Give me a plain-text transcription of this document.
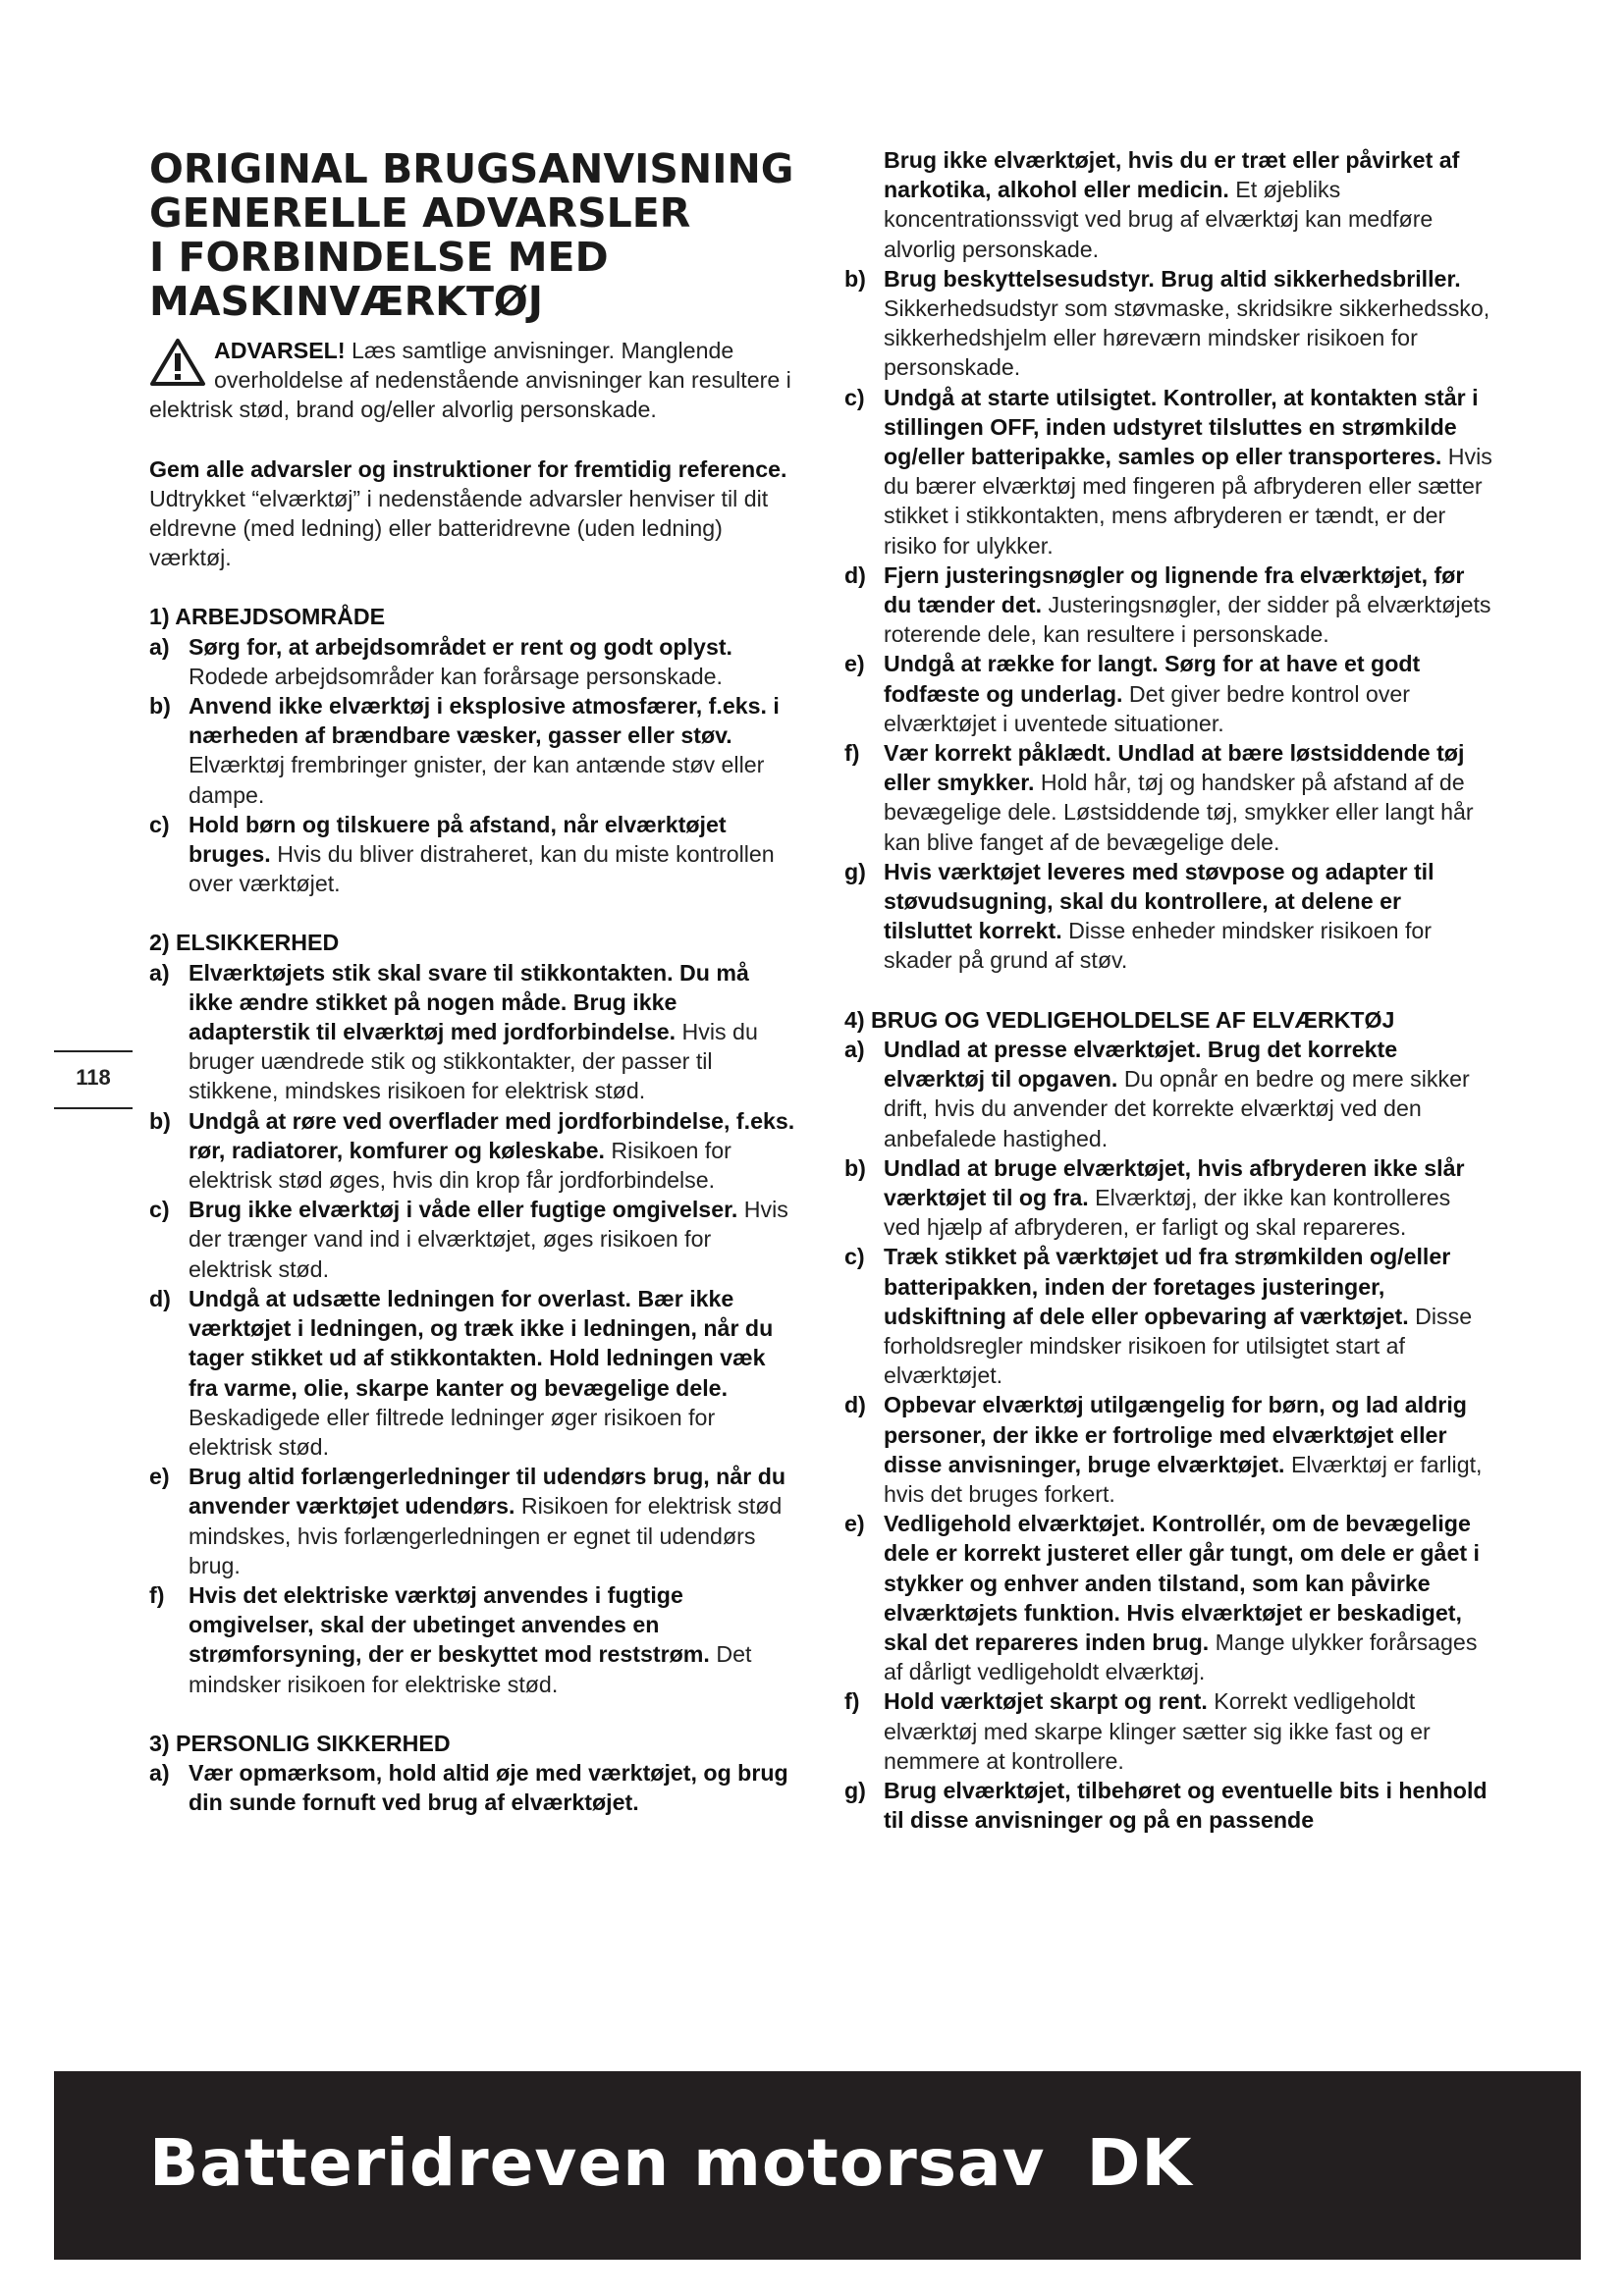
ORIGINAL BRUGSANVISNING
GENERELLE ADVARSLER
I FORBINDELSE MED
MASKINVÆRKTØJ

ADVARSEL! Læs samtlige anvisninger. Manglende overholdelse af nedenstående anvisninger kan resultere i elektrisk stød, brand og/eller alvorlig personskade.

Gem alle advarsler og instruktioner for fremtidig reference.

Udtrykket “elværktøj” i nedenstående advarsler henviser til dit eldrevne (med ledning) eller batteridrevne (uden ledning) værktøj.

1) ARBEJDSOMRÅDE

a) Sørg for, at arbejdsområdet er rent og godt oplyst. Rodede arbejdsområder kan forårsage personskade.
b) Anvend ikke elværktøj i eksplosive atmosfærer, f.eks. i nærheden af brændbare væsker, gasser eller støv. Elværktøj frembringer gnister, der kan antænde støv eller dampe.
c) Hold børn og tilskuere på afstand, når elværktøjet bruges. Hvis du bliver distraheret, kan du miste kontrollen over værktøjet.

2) ELSIKKERHED

a) Elværktøjets stik skal svare til stikkontakten. Du må ikke ændre stikket på nogen måde. Brug ikke adapterstik til elværktøj med jordforbindelse. Hvis du bruger uændrede stik og stikkontakter, der passer til stikkene, mindskes risikoen for elektrisk stød.
b) Undgå at røre ved overflader med jordforbindelse, f.eks. rør, radiatorer, komfurer og køleskabe. Risikoen for elektrisk stød øges, hvis din krop får jordforbindelse.
c) Brug ikke elværktøj i våde eller fugtige omgivelser. Hvis der trænger vand ind i elværktøjet, øges risikoen for elektrisk stød.
d) Undgå at udsætte ledningen for overlast. Bær ikke værktøjet i ledningen, og træk ikke i ledningen, når du tager stikket ud af stikkontakten. Hold ledningen væk fra varme, olie, skarpe kanter og bevægelige dele. Beskadigede eller filtrede ledninger øger risikoen for elektrisk stød.
e) Brug altid forlængerledninger til udendørs brug, når du anvender værktøjet udendørs. Risikoen for elektrisk stød mindskes, hvis forlængerledningen er egnet til udendørs brug.
f) Hvis det elektriske værktøj anvendes i fugtige omgivelser, skal der ubetinget anvendes en strømforsyning, der er beskyttet mod reststrøm. Det mindsker risikoen for elektriske stød.

3) PERSONLIG SIKKERHED

a) Vær opmærksom, hold altid øje med værktøjet, og brug din sunde fornuft ved brug af elværktøjet.
Brug ikke elværktøjet, hvis du er træt eller påvirket af narkotika, alkohol eller medicin. Et øjebliks koncentrationssvigt ved brug af elværktøj kan medføre alvorlig personskade.
b) Brug beskyttelsesudstyr. Brug altid sikkerhedsbriller. Sikkerhedsudstyr som støvmaske, skridsikre sikkerhedssko, sikkerhedshjelm eller høreværn mindsker risikoen for personskade.
c) Undgå at starte utilsigtet. Kontroller, at kontakten står i stillingen OFF, inden udstyret tilsluttes en strømkilde og/eller batteripakke, samles op eller transporteres. Hvis du bærer elværktøj med fingeren på afbryderen eller sætter stikket i stikkontakten, mens afbryderen er tændt, er der risiko for ulykker.
d) Fjern justeringsnøgler og lignende fra elværktøjet, før du tænder det. Justeringsnøgler, der sidder på elværktøjets roterende dele, kan resultere i personskade.
e) Undgå at række for langt. Sørg for at have et godt fodfæste og underlag. Det giver bedre kontrol over elværktøjet i uventede situationer.
f) Vær korrekt påklædt. Undlad at bære løstsiddende tøj eller smykker. Hold hår, tøj og handsker på afstand af de bevægelige dele. Løstsiddende tøj, smykker eller langt hår kan blive fanget af de bevægelige dele.
g) Hvis værktøjet leveres med støvpose og adapter til støvudsugning, skal du kontrollere, at delene er tilsluttet korrekt. Disse enheder mindsker risikoen for skader på grund af støv.

4) BRUG OG VEDLIGEHOLDELSE AF ELVÆRKTØJ

a) Undlad at presse elværktøjet. Brug det korrekte elværktøj til opgaven. Du opnår en bedre og mere sikker drift, hvis du anvender det korrekte elværktøj ved den anbefalede hastighed.
b) Undlad at bruge elværktøjet, hvis afbryderen ikke slår værktøjet til og fra. Elværktøj, der ikke kan kontrolleres ved hjælp af afbryderen, er farligt og skal repareres.
c) Træk stikket på værktøjet ud fra strømkilden og/eller batteripakken, inden der foretages justeringer, udskiftning af dele eller opbevaring af værktøjet. Disse forholdsregler mindsker risikoen for utilsigtet start af elværktøjet.
d) Opbevar elværktøj utilgængelig for børn, og lad aldrig personer, der ikke er fortrolige med elværktøjet eller disse anvisninger, bruge elværktøjet. Elværktøj er farligt, hvis det bruges forkert.
e) Vedligehold elværktøjet. Kontrollér, om de bevægelige dele er korrekt justeret eller går tungt, om dele er gået i stykker og enhver anden tilstand, som kan påvirke elværktøjets funktion. Hvis elværktøjet er beskadiget, skal det repareres inden brug. Mange ulykker forårsages af dårligt vedligeholdt elværktøj.
f) Hold værktøjet skarpt og rent. Korrekt vedligeholdt elværktøj med skarpe klinger sætter sig ikke fast og er nemmere at kontrollere.
g) Brug elværktøjet, tilbehøret og eventuelle bits i henhold til disse anvisninger og på en passende
118
Batteridreven motorsav DK
